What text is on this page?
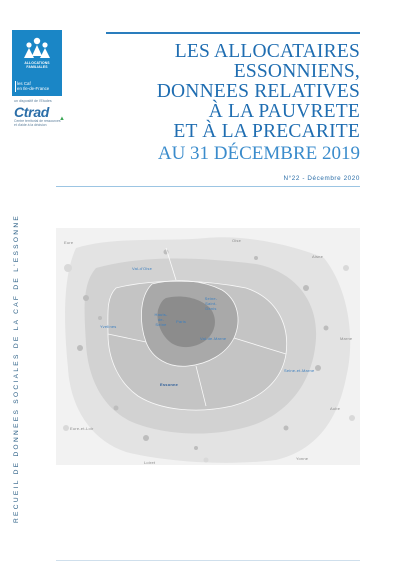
ALLOCATIONS
FAMILIALES
les Caf
en Ile-de-France
un dispositif de l'Etudes
Ctrad ▲
Centre territorial de ressources et d'aide à la décision
RECUEIL DE DONNEES SOCIALES DE LA CAF DE L'ESSONNE
LES ALLOCATAIRES
ESSONNIENS,
DONNEES RELATIVES
À LA PAUVRETE
ET À LA PRECARITE
AU 31 DÉCEMBRE 2019
N°22 - Décembre 2020
Eure	Oise
Aisne
Val-d'Oise
Seine-Saint-Denis
Hauts-de-Seine
Paris
Yvelines
Val-de-Marne	Marne
Seine-et-Marne
Essonne
Eure-et-Loir
Aube
Loiret
Yonne
